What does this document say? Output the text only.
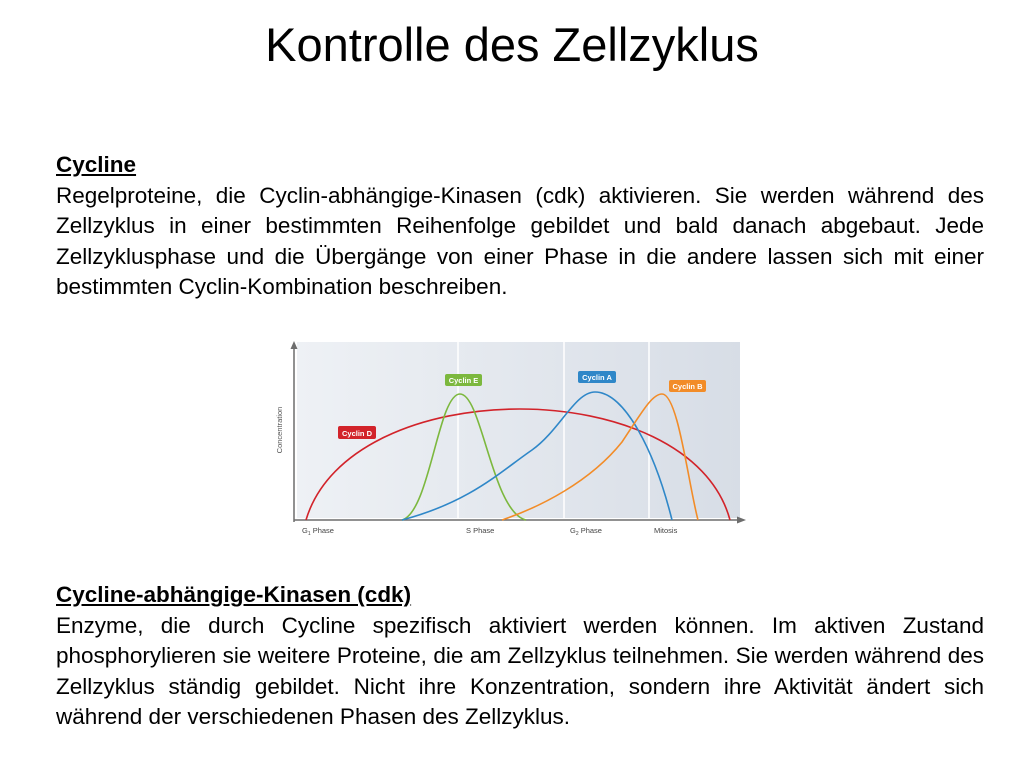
Kontrolle des Zellzyklus
Cycline
Regelproteine, die Cyclin-abhängige-Kinasen (cdk) aktivieren. Sie werden während des Zellzyklus in einer bestimmten Reihenfolge gebildet und bald danach abgebaut. Jede Zellzyklusphase und die Übergänge von einer Phase in die andere lassen sich mit einer bestimmten Cyclin-Kombination beschreiben.
Cyclin D
Cyclin E	Cyclin A
Cyclin B
Concentration
$G_1$ Phase	S Phase	$G_2$ Phase	Mitosis
Cycline-abhängige-Kinasen (cdk)
Enzyme, die durch Cycline spezifisch aktiviert werden können. Im aktiven Zustand phosphorylieren sie weitere Proteine, die am Zellzyklus teilnehmen. Sie werden während des Zellzyklus ständig gebildet. Nicht ihre Konzentration, sondern ihre Aktivität ändert sich während der verschiedenen Phasen des Zellzyklus.
